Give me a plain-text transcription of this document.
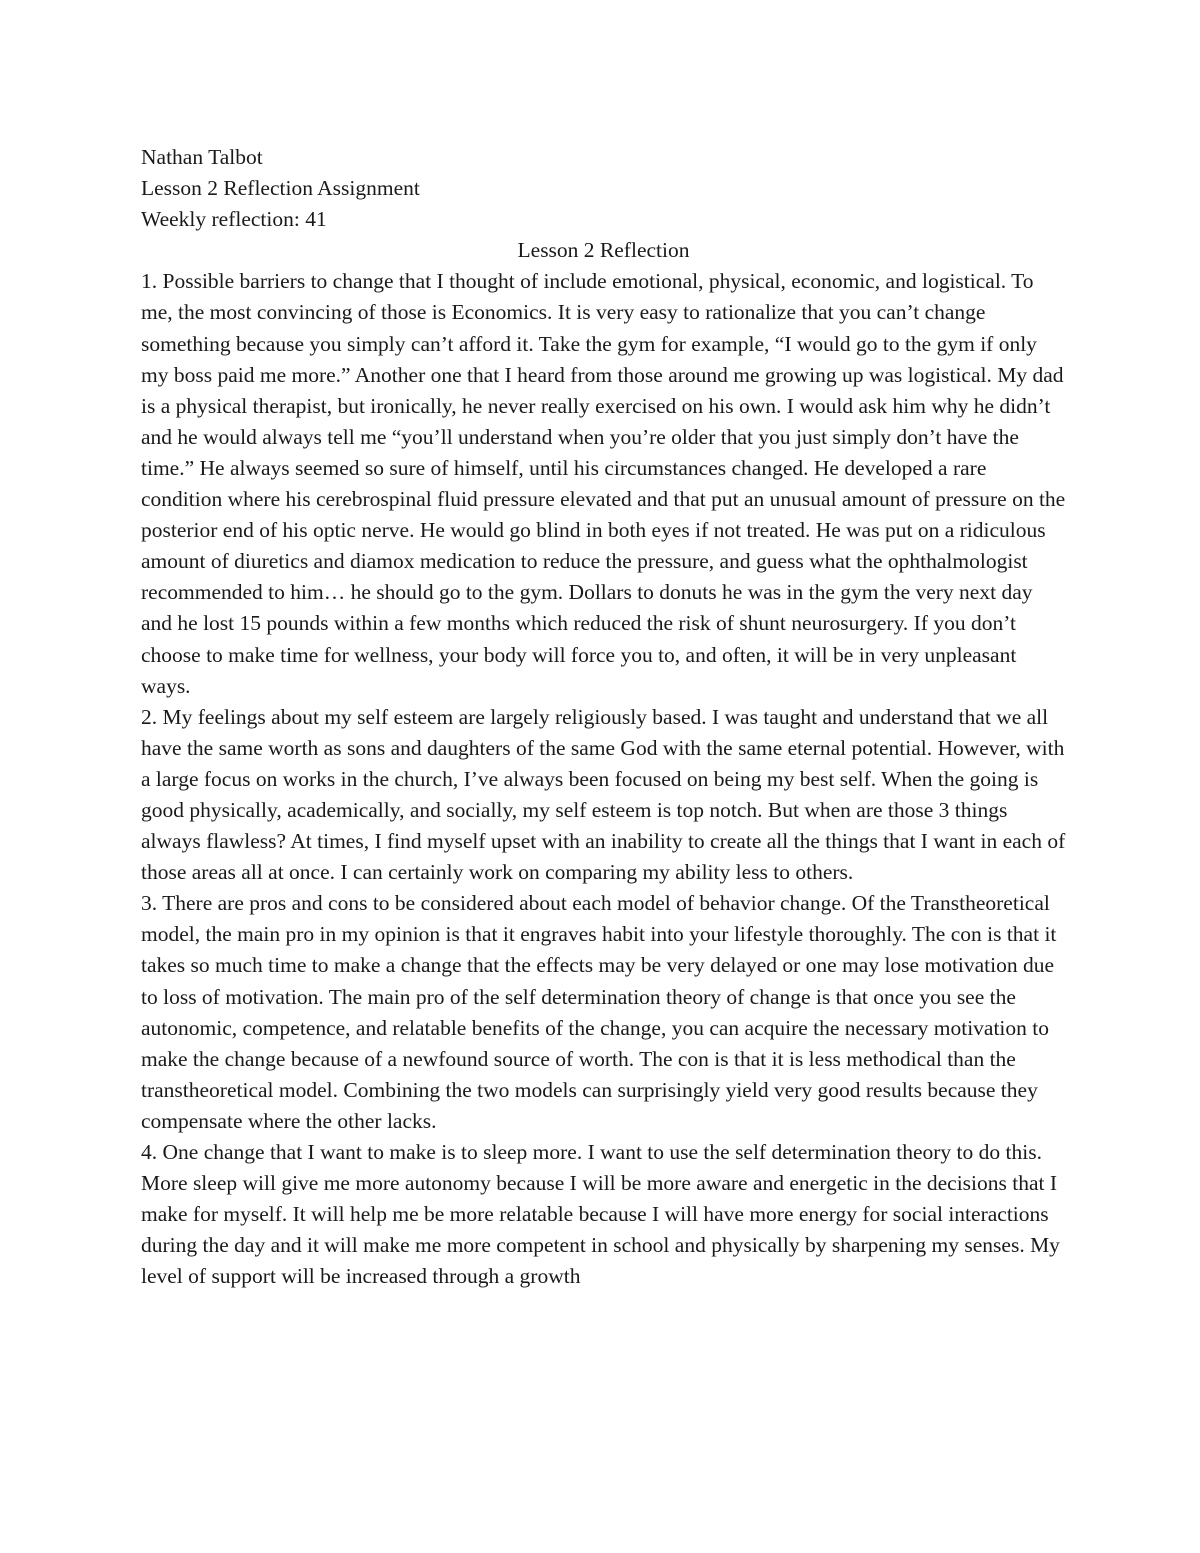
Nathan Talbot

Lesson 2 Reflection Assignment

Weekly reflection: 41

Lesson 2 Reflection

1. Possible barriers to change that I thought of include emotional, physical, economic, and logistical. To me, the most convincing of those is Economics. It is very easy to rationalize that you can’t change something because you simply can’t afford it. Take the gym for example, “I would go to the gym if only my boss paid me more.” Another one that I heard from those around me growing up was logistical. My dad is a physical therapist, but ironically, he never really exercised on his own. I would ask him why he didn’t and he would always tell me “you’ll understand when you’re older that you just simply don’t have the time.” He always seemed so sure of himself, until his circumstances changed. He developed a rare condition where his cerebrospinal fluid pressure elevated and that put an unusual amount of pressure on the posterior end of his optic nerve. He would go blind in both eyes if not treated. He was put on a ridiculous amount of diuretics and diamox medication to reduce the pressure, and guess what the ophthalmologist recommended to him… he should go to the gym. Dollars to donuts he was in the gym the very next day and he lost 15 pounds within a few months which reduced the risk of shunt neurosurgery. If you don’t choose to make time for wellness, your body will force you to, and often, it will be in very unpleasant ways.

2. My feelings about my self esteem are largely religiously based. I was taught and understand that we all have the same worth as sons and daughters of the same God with the same eternal potential. However, with a large focus on works in the church, I’ve always been focused on being my best self. When the going is good physically, academically, and socially, my self esteem is top notch. But when are those 3 things always flawless? At times, I find myself upset with an inability to create all the things that I want in each of those areas all at once. I can certainly work on comparing my ability less to others.

3. There are pros and cons to be considered about each model of behavior change. Of the Transtheoretical model, the main pro in my opinion is that it engraves habit into your lifestyle thoroughly. The con is that it takes so much time to make a change that the effects may be very delayed or one may lose motivation due to loss of motivation. The main pro of the self determination theory of change is that once you see the autonomic, competence, and relatable benefits of the change, you can acquire the necessary motivation to make the change because of a newfound source of worth. The con is that it is less methodical than the transtheoretical model. Combining the two models can surprisingly yield very good results because they compensate where the other lacks.

4. One change that I want to make is to sleep more. I want to use the self determination theory to do this. More sleep will give me more autonomy because I will be more aware and energetic in the decisions that I make for myself. It will help me be more relatable because I will have more energy for social interactions during the day and it will make me more competent in school and physically by sharpening my senses. My level of support will be increased through a growth
